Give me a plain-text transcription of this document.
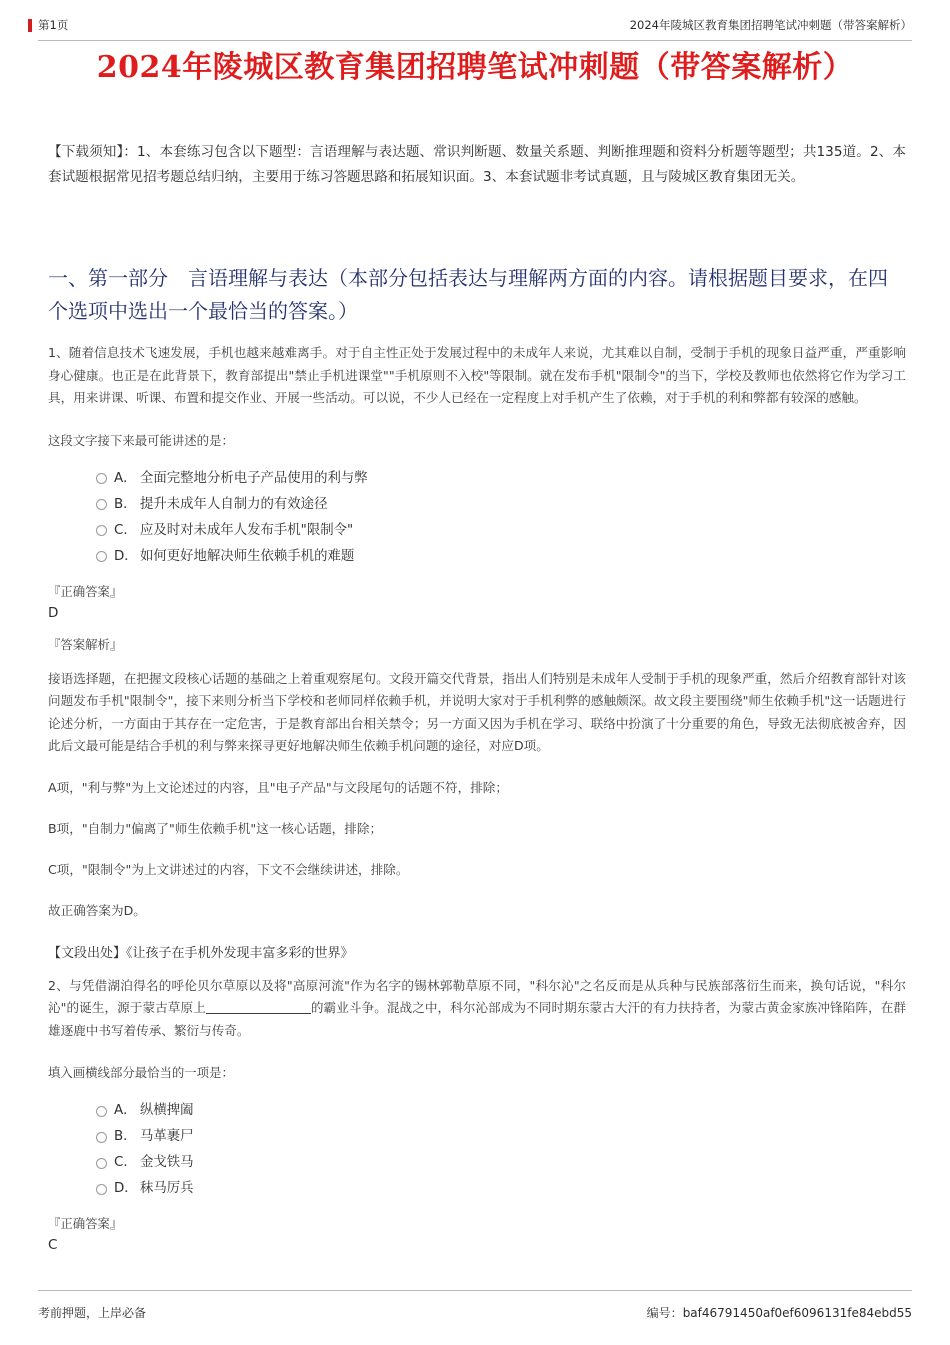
第1页	2024年陵城区教育集团招聘笔试冲刺题（带答案解析）
2024年陵城区教育集团招聘笔试冲刺题（带答案解析）

【下载须知】：1、本套练习包含以下题型：言语理解与表达题、常识判断题、数量关系题、判断推理题和资料分析题等题型；共135道。2、本套试题根据常见招考题总结归纳，主要用于练习答题思路和拓展知识面。3、本套试题非考试真题，且与陵城区教育集团无关。

一、第一部分　言语理解与表达（本部分包括表达与理解两方面的内容。请根据题目要求，在四个选项中选出一个最恰当的答案。）

1、随着信息技术飞速发展，手机也越来越难离手。对于自主性正处于发展过程中的未成年人来说，尤其难以自制，受制于手机的现象日益严重，严重影响身心健康。也正是在此背景下，教育部提出"禁止手机进课堂""手机原则不入校"等限制。就在发布手机"限制令"的当下，学校及教师也依然将它作为学习工具，用来讲课、听课、布置和提交作业、开展一些活动。可以说，不少人已经在一定程度上对手机产生了依赖，对于手机的利和弊都有较深的感触。

这段文字接下来最可能讲述的是：

A． 全面完整地分析电子产品使用的利与弊
B． 提升未成年人自制力的有效途径
C． 应及时对未成年人发布手机"限制令"
D． 如何更好地解决师生依赖手机的难题

『正确答案』

D

『答案解析』

接语选择题，在把握文段核心话题的基础之上着重观察尾句。文段开篇交代背景，指出人们特别是未成年人受制于手机的现象严重，然后介绍教育部针对该问题发布手机"限制令"，接下来则分析当下学校和老师同样依赖手机，并说明大家对于手机利弊的感触颇深。故文段主要围绕"师生依赖手机"这一话题进行论述分析，一方面由于其存在一定危害，于是教育部出台相关禁令；另一方面又因为手机在学习、联络中扮演了十分重要的角色，导致无法彻底被舍弃，因此后文最可能是结合手机的利与弊来探寻更好地解决师生依赖手机问题的途径，对应D项。

A项，"利与弊"为上文论述过的内容，且"电子产品"与文段尾句的话题不符，排除；

B项，"自制力"偏离了"师生依赖手机"这一核心话题，排除；

C项，"限制令"为上文讲述过的内容，下文不会继续讲述，排除。

故正确答案为D。

【文段出处】《让孩子在手机外发现丰富多彩的世界》

2、与凭借湖泊得名的呼伦贝尔草原以及将"高原河流"作为名字的锡林郭勒草原不同，"科尔沁"之名反而是从兵种与民族部落衍生而来，换句话说，"科尔沁"的诞生，源于蒙古草原上	的霸业斗争。混战之中，科尔沁部成为不同时期东蒙古大汗的有力扶持者，为蒙古黄金家族冲锋陷阵，在群雄逐鹿中书写着传承、繁衍与传奇。

填入画横线部分最恰当的一项是：

A． 纵横捭阖
B． 马革裹尸
C． 金戈铁马
D． 秣马厉兵

『正确答案』

C

考前押题，上岸必备	编号：baf46791450af0ef6096131fe84ebd55
